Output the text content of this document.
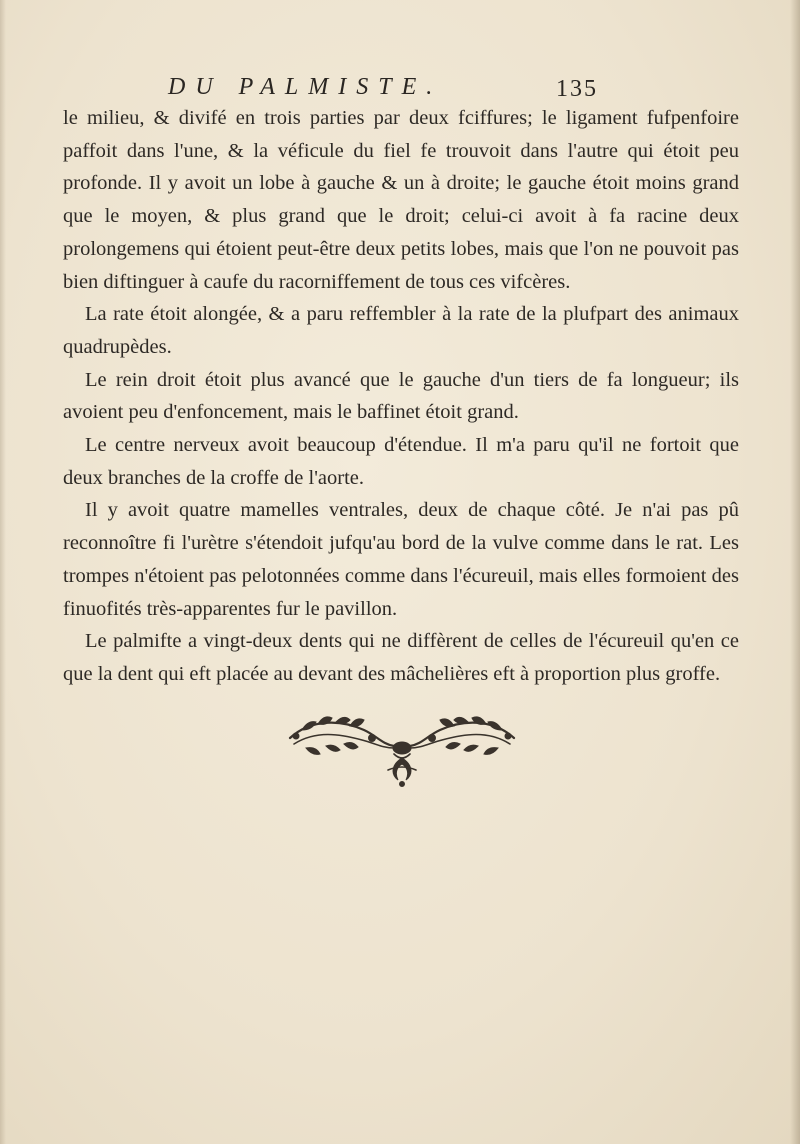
DU PALMISTE.	135

le milieu, & divifé en trois parties par deux fciffures; le ligament fufpenfoire paffoit dans l'une, & la véficule du fiel fe trouvoit dans l'autre qui étoit peu profonde. Il y avoit un lobe à gauche & un à droite; le gauche étoit moins grand que le moyen, & plus grand que le droit; celui-ci avoit à fa racine deux prolongemens qui étoient peut-être deux petits lobes, mais que l'on ne pouvoit pas bien diftinguer à caufe du racorniffement de tous ces vifcères.

La rate étoit alongée, & a paru reffembler à la rate de la plufpart des animaux quadrupèdes.

Le rein droit étoit plus avancé que le gauche d'un tiers de fa longueur; ils avoient peu d'enfoncement, mais le baffinet étoit grand.

Le centre nerveux avoit beaucoup d'étendue. Il m'a paru qu'il ne fortoit que deux branches de la croffe de l'aorte.

Il y avoit quatre mamelles ventrales, deux de chaque côté. Je n'ai pas pû reconnoître fi l'urètre s'étendoit jufqu'au bord de la vulve comme dans le rat. Les trompes n'étoient pas pelotonnées comme dans l'écureuil, mais elles formoient des finuofités très-apparentes fur le pavillon.

Le palmifte a vingt-deux dents qui ne diffèrent de celles de l'écureuil qu'en ce que la dent qui eft placée au devant des mâchelières eft à proportion plus groffe.
